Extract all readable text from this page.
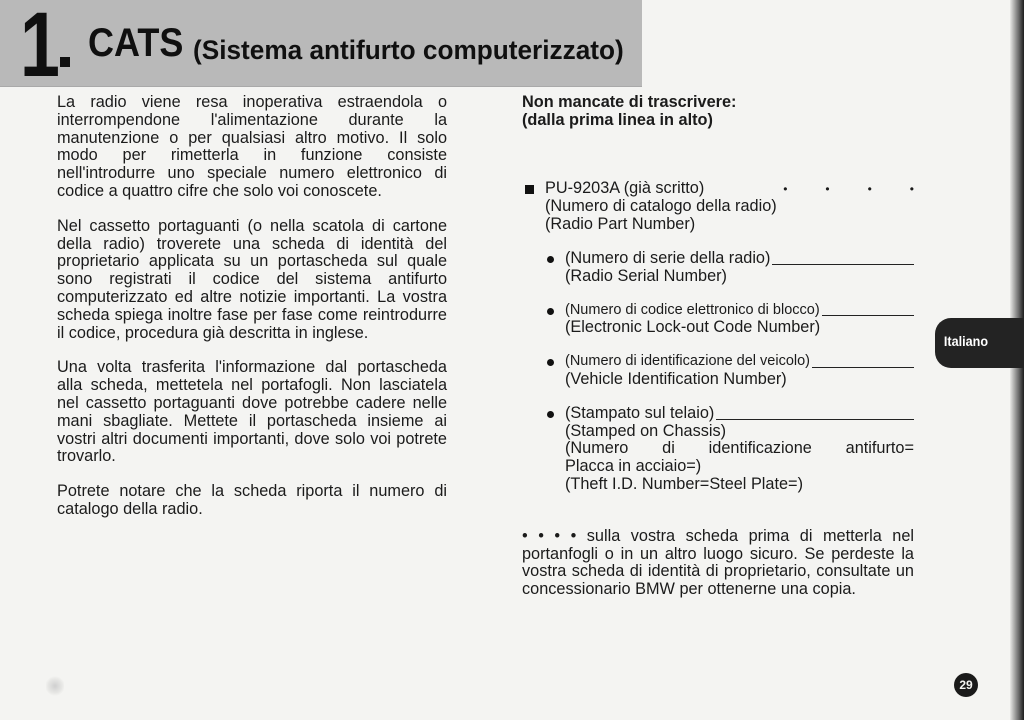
1 CATS (Sistema antifurto computerizzato)

La radio viene resa inoperativa estraendola o interrompendone l'alimentazione durante la manutenzione o per qualsiasi altro motivo. Il solo modo per rimetterla in funzione consiste nell'introdurre uno speciale numero elettronico di codice a quattro cifre che solo voi conoscete.

Nel cassetto portaguanti (o nella scatola di cartone della radio) troverete una scheda di identità del proprietario applicata su un portascheda sul quale sono registrati il codice del sistema antifurto computerizzato ed altre notizie importanti. La vostra scheda spiega inoltre fase per fase come reintrodurre il codice, procedura già descritta in inglese.

Una volta trasferita l'informazione dal portascheda alla scheda, mettetela nel portafogli. Non lasciatela nel cassetto portaguanti dove potrebbe cadere nelle mani sbagliate. Mettete il portascheda insieme ai vostri altri documenti importanti, dove solo voi potrete trovarlo.

Potrete notare che la scheda riporta il numero di catalogo della radio.

Non mancate di trascrivere:

(dalla prima linea in alto)

PU-9203A (già scritto)	•	•	•	•
(Numero di catalogo della radio)
(Radio Part Number)
(Numero di serie della radio)
(Radio Serial Number)
(Numero di codice elettronico di blocco)
(Electronic Lock-out Code Number)
(Numero di identificazione del veicolo)
(Vehicle Identification Number)
(Stampato sul telaio)
(Stamped on Chassis)
(Numero di identificazione antifurto=
Placca in acciaio=)
(Theft I.D. Number=Steel Plate=)

• • • • sulla vostra scheda prima di metterla nel portanfogli o in un altro luogo sicuro. Se perdeste la vostra scheda di identità di proprietario, consultate un concessionario BMW per ottenerne una copia.

Italiano
29
